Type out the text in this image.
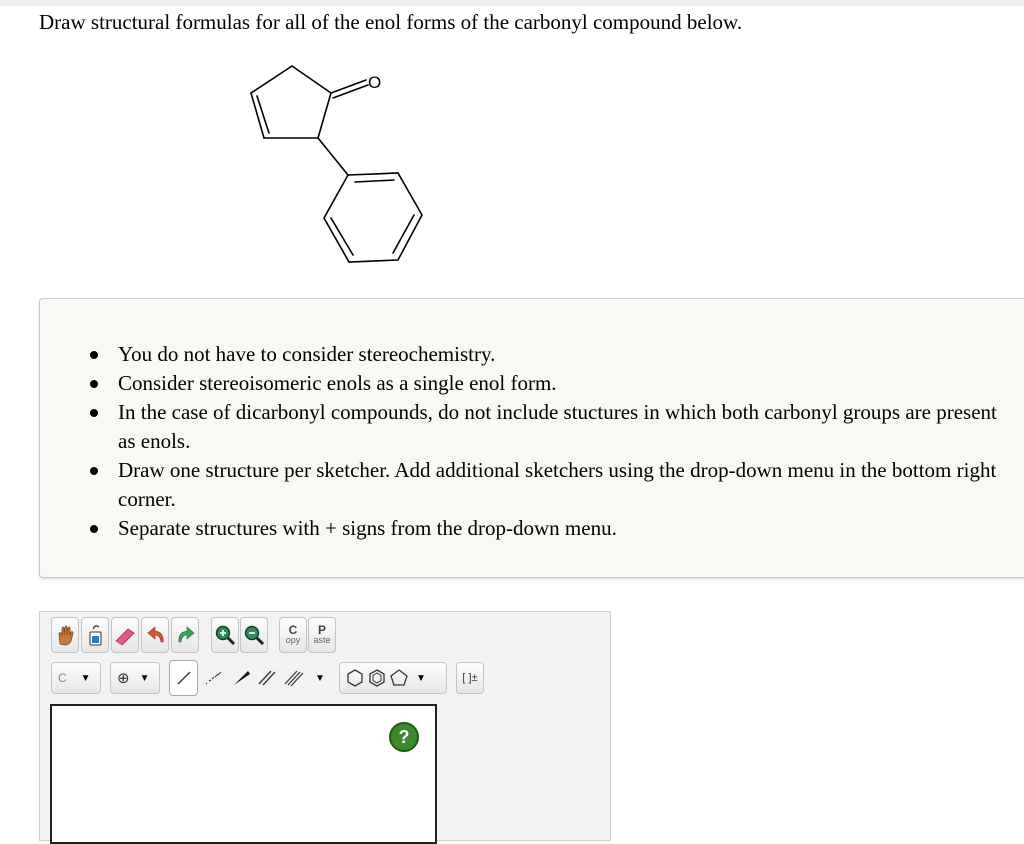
Draw structural formulas for all of the enol forms of the carbonyl compound below.
O
You do not have to consider stereochemistry.
Consider stereoisomeric enols as a single enol form.
In the case of dicarbonyl compounds, do not include stuctures in which both carbonyl groups are present as enols.
Draw one structure per sketcher. Add additional sketchers using the drop-down menu in the bottom right corner.
Separate structures with + signs from the drop-down menu.
C
opy
P
aste
C ▼ ⊕ ▼	▼	▼	[ ]±
?
